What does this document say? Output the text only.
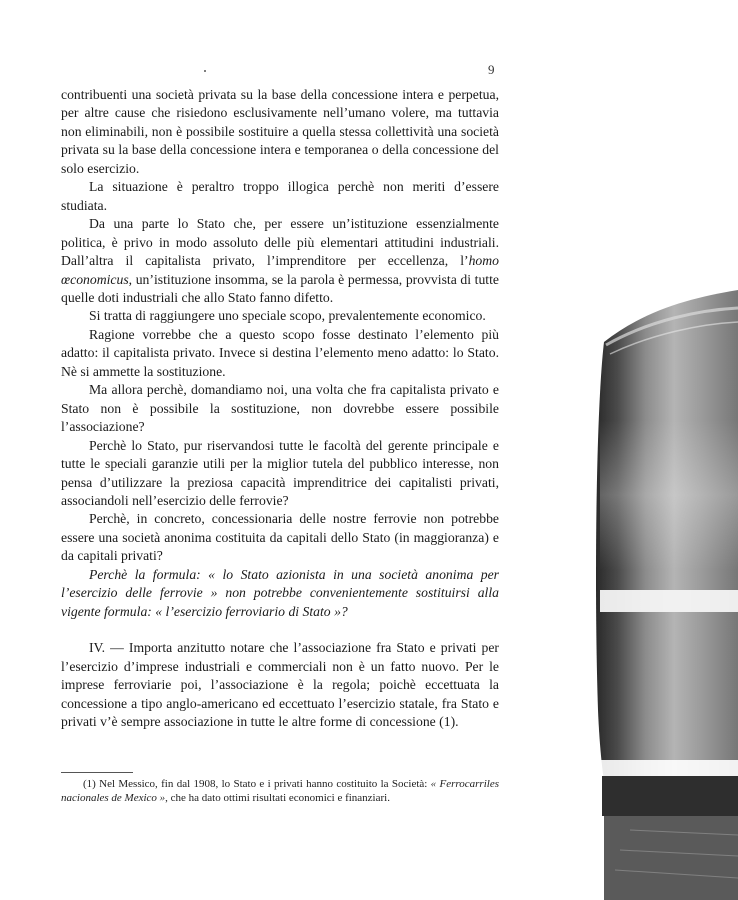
9

contribuenti una società privata su la base della concessione intera e perpetua, per altre cause che risiedono esclusivamente nell’umano volere, ma tuttavia non eliminabili, non è possibile sostituire a quella stessa collettività una società privata su la base della concessione intera e temporanea o della concessione del solo esercizio.

La situazione è peraltro troppo illogica perchè non meriti d’essere studiata.

Da una parte lo Stato che, per essere un’istituzione essenzialmente politica, è privo in modo assoluto delle più elementari attitudini industriali. Dall’altra il capitalista privato, l’imprenditore per eccellenza, l’homo œconomicus, un’istituzione insomma, se la parola è permessa, provvista di tutte quelle doti industriali che allo Stato fanno difetto.

Si tratta di raggiungere uno speciale scopo, prevalentemente economico.

Ragione vorrebbe che a questo scopo fosse destinato l’elemento più adatto: il capitalista privato. Invece si destina l’elemento meno adatto: lo Stato. Nè si ammette la sostituzione.

Ma allora perchè, domandiamo noi, una volta che fra capitalista privato e Stato non è possibile la sostituzione, non dovrebbe essere possibile l’associazione?

Perchè lo Stato, pur riservandosi tutte le facoltà del gerente principale e tutte le speciali garanzie utili per la miglior tutela del pubblico interesse, non pensa d’utilizzare la preziosa capacità imprenditrice dei capitalisti privati, associandoli nell’esercizio delle ferrovie?

Perchè, in concreto, concessionaria delle nostre ferrovie non potrebbe essere una società anonima costituita da capitali dello Stato (in maggioranza) e da capitali privati?

Perchè la formula: « lo Stato azionista in una società anonima per l’esercizio delle ferrovie » non potrebbe convenientemente sostituirsi alla vigente formula: « l’esercizio ferroviario di Stato »?

IV. — Importa anzitutto notare che l’associazione fra Stato e privati per l’esercizio d’imprese industriali e commerciali non è un fatto nuovo. Per le imprese ferroviarie poi, l’associazione è la regola; poichè eccettuata la concessione a tipo anglo-americano ed eccettuato l’esercizio statale, fra Stato e privati v’è sempre associazione in tutte le altre forme di concessione (1).

(1) Nel Messico, fin dal 1908, lo Stato e i privati hanno costituito la Società: « Ferrocarriles nacionales de Mexico », che ha dato ottimi risultati economici e finanziari.
